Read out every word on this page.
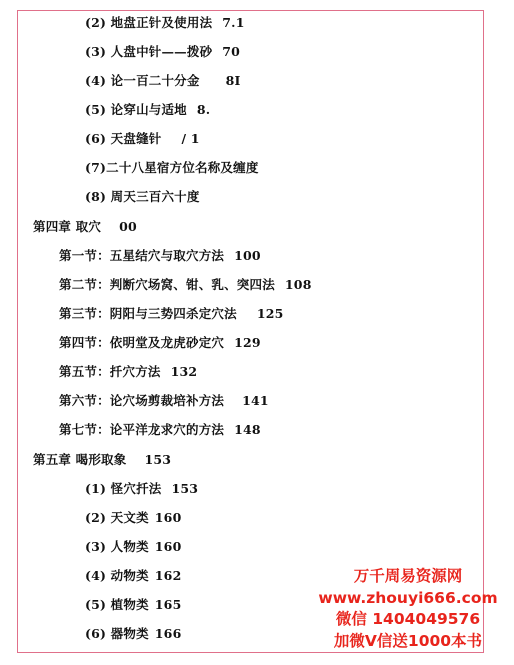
(2) 地盘正针及使用法 7.1
(3) 人盘中针——拨砂 70
(4) 论一百二十分金 8I
(5) 论穿山与适地 8.
(6) 天盘缝针 / 1
(7)二十八星宿方位名称及缠度
(8) 周天三百六十度
第四章 取穴 00
第一节：五星结穴与取穴方法 100
第二节：判断穴场窝、钳、乳、突四法 108
第三节：阴阳与三势四杀定穴法 125
第四节：依明堂及龙虎砂定穴 129
第五节：扦穴方法 132
第六节：论穴场剪裁培补方法 141
第七节：论平洋龙求穴的方法 148
第五章 喝形取象 153
(1) 怪穴扦法 153
(2) 天文类 160
(3) 人物类 160
(4) 动物类 162
(5) 植物类 165
(6) 器物类 166
万千周易资源网
www.zhouyi666.com
微信 1404049576
加微V信送1000本书
